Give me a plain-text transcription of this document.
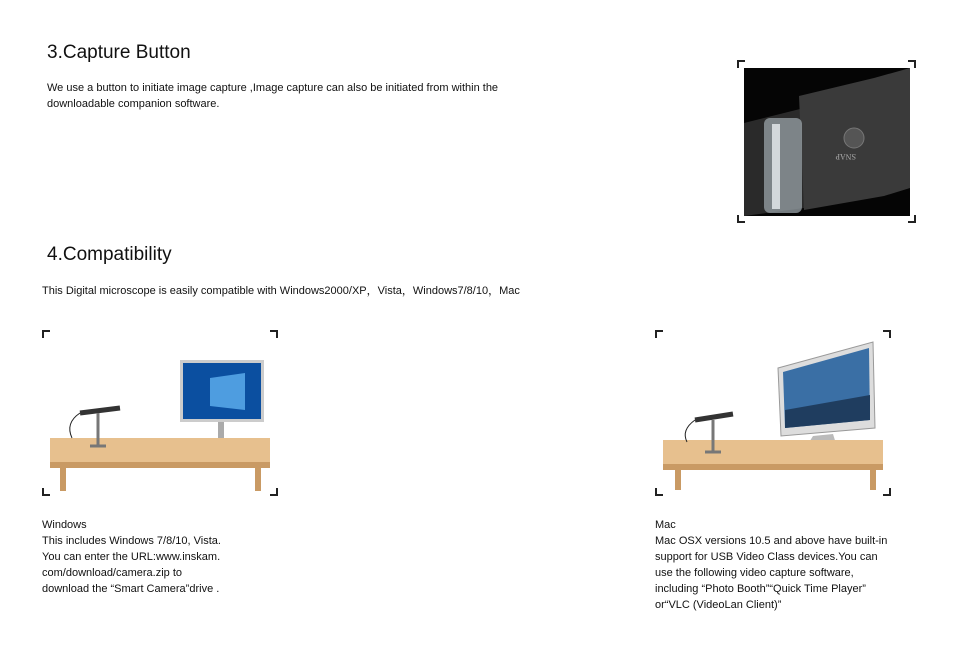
3.Capture Button
We use a button to initiate image capture ,Image capture can also be initiated from within the
downloadable companion software.
SNAP
4.Compatibility
This Digital microscope is easily compatible with Windows2000/XP，Vista，Windows7/8/10，Mac
Windows
This includes Windows 7/8/10, Vista.
You can enter the URL:www.inskam.
com/download/camera.zip to
download the “Smart Camera”drive .
Mac
Mac OSX versions 10.5 and above have built-in
support for USB Video Class devices.You can
use the following video capture software,
including “Photo Booth”“Quick Time Player”
or“VLC (VideoLan Client)”
